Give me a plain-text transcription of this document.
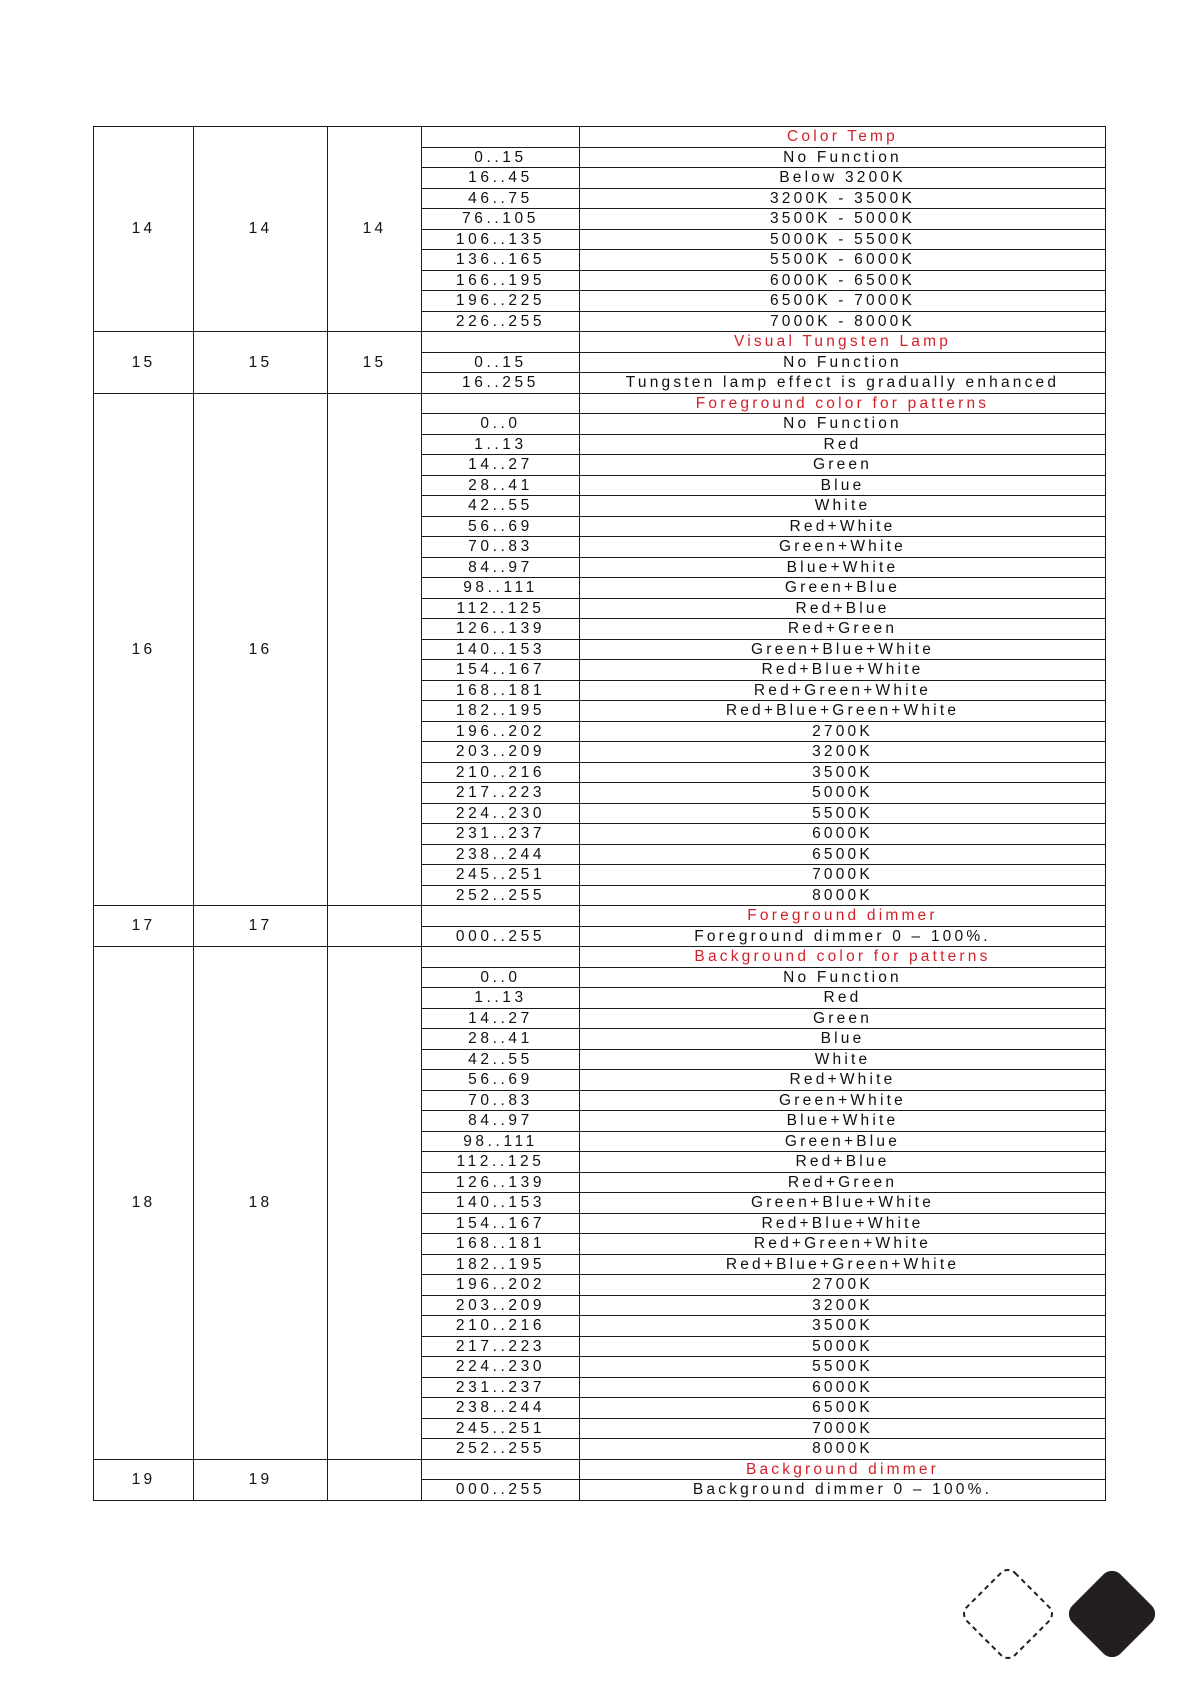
14	14	14		Color Temp
			0..15	No Function
			16..45	Below 3200K
			46..75	3200K - 3500K
			76..105	3500K - 5000K
			106..135	5000K - 5500K
			136..165	5500K - 6000K
			166..195	6000K - 6500K
			196..225	6500K - 7000K
			226..255	7000K - 8000K
15	15	15		Visual Tungsten Lamp
			0..15	No Function
			16..255	Tungsten lamp effect is gradually enhanced
16	16			Foreground color for patterns
			0..0	No Function
			1..13	Red
			14..27	Green
			28..41	Blue
			42..55	White
			56..69	Red+White
			70..83	Green+White
			84..97	Blue+White
			98..111	Green+Blue
			112..125	Red+Blue
			126..139	Red+Green
			140..153	Green+Blue+White
			154..167	Red+Blue+White
			168..181	Red+Green+White
			182..195	Red+Blue+Green+White
			196..202	2700K
			203..209	3200K
			210..216	3500K
			217..223	5000K
			224..230	5500K
			231..237	6000K
			238..244	6500K
			245..251	7000K
			252..255	8000K
17	17			Foreground dimmer
			000..255	Foreground dimmer 0 – 100%.
18	18			Background color for patterns
			0..0	No Function
			1..13	Red
			14..27	Green
			28..41	Blue
			42..55	White
			56..69	Red+White
			70..83	Green+White
			84..97	Blue+White
			98..111	Green+Blue
			112..125	Red+Blue
			126..139	Red+Green
			140..153	Green+Blue+White
			154..167	Red+Blue+White
			168..181	Red+Green+White
			182..195	Red+Blue+Green+White
			196..202	2700K
			203..209	3200K
			210..216	3500K
			217..223	5000K
			224..230	5500K
			231..237	6000K
			238..244	6500K
			245..251	7000K
			252..255	8000K
19	19			Background dimmer
			000..255	Background dimmer 0 – 100%.
